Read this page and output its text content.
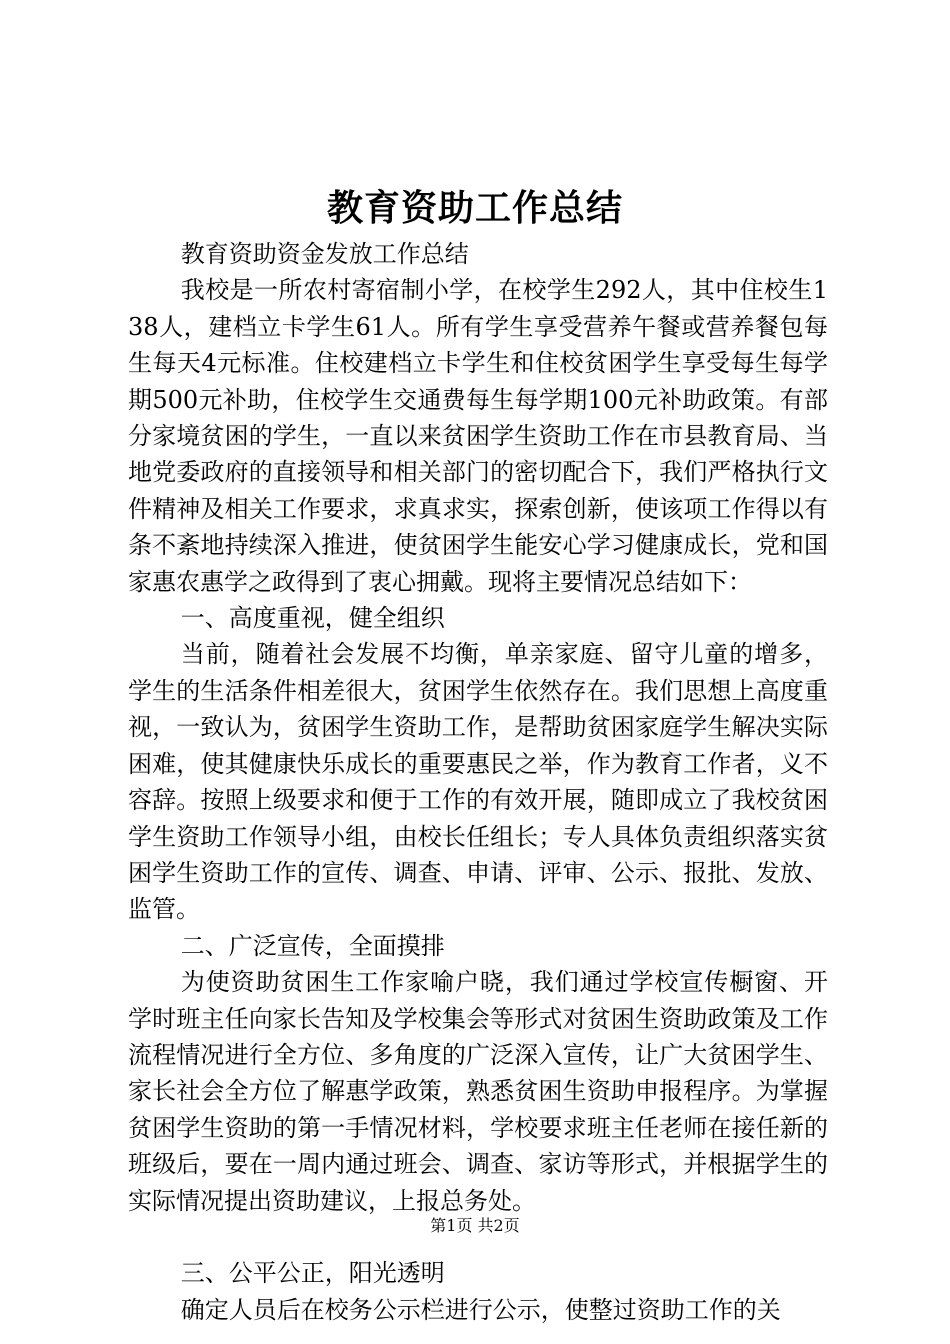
教育资助工作总结

教育资助资金发放工作总结

我校是一所农村寄宿制小学，在校学生292人，其中住校生138人，建档立卡学生61人。所有学生享受营养午餐或营养餐包每生每天4元标准。住校建档立卡学生和住校贫困学生享受每生每学期500元补助，住校学生交通费每生每学期100元补助政策。有部分家境贫困的学生，一直以来贫困学生资助工作在市县教育局、当地党委政府的直接领导和相关部门的密切配合下，我们严格执行文件精神及相关工作要求，求真求实，探索创新，使该项工作得以有条不紊地持续深入推进，使贫困学生能安心学习健康成长，党和国家惠农惠学之政得到了衷心拥戴。现将主要情况总结如下：

一、高度重视，健全组织

当前，随着社会发展不均衡，单亲家庭、留守儿童的增多，学生的生活条件相差很大，贫困学生依然存在。我们思想上高度重视，一致认为，贫困学生资助工作，是帮助贫困家庭学生解决实际困难，使其健康快乐成长的重要惠民之举，作为教育工作者，义不容辞。按照上级要求和便于工作的有效开展，随即成立了我校贫困学生资助工作领导小组，由校长任组长；专人具体负责组织落实贫困学生资助工作的宣传、调查、申请、评审、公示、报批、发放、监管。

二、广泛宣传，全面摸排

为使资助贫困生工作家喻户晓，我们通过学校宣传橱窗、开学时班主任向家长告知及学校集会等形式对贫困生资助政策及工作流程情况进行全方位、多角度的广泛深入宣传，让广大贫困学生、家长社会全方位了解惠学政策，熟悉贫困生资助申报程序。为掌握贫困学生资助的第一手情况材料，学校要求班主任老师在接任新的班级后，要在一周内通过班会、调查、家访等形式，并根据学生的实际情况提出资助建议，上报总务处。

三、公平公正，阳光透明

确定人员后在校务公示栏进行公示，使整过资助工作的关

第1页 共2页
